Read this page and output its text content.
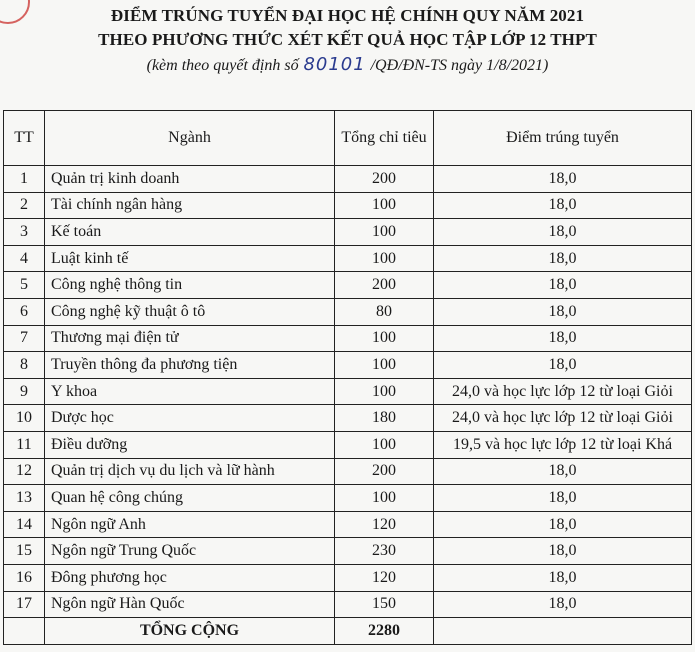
ĐIỂM TRÚNG TUYỂN ĐẠI HỌC HỆ CHÍNH QUY NĂM 2021
THEO PHƯƠNG THỨC XÉT KẾT QUẢ HỌC TẬP LỚP 12 THPT
(kèm theo quyết định số 80101 /QĐ/ĐN-TS ngày 1/8/2021)
TT	Ngành	Tổng chỉ tiêu	Điểm trúng tuyển
1	Quản trị kinh doanh	200	18,0
2	Tài chính ngân hàng	100	18,0
3	Kế toán	100	18,0
4	Luật kinh tế	100	18,0
5	Công nghệ thông tin	200	18,0
6	Công nghệ kỹ thuật ô tô	80	18,0
7	Thương mại điện tử	100	18,0
8	Truyền thông đa phương tiện	100	18,0
9	Y khoa	100	24,0 và học lực lớp 12 từ loại Giỏi
10	Dược học	180	24,0 và học lực lớp 12 từ loại Giỏi
11	Điều dưỡng	100	19,5 và học lực lớp 12 từ loại Khá
12	Quản trị dịch vụ du lịch và lữ hành	200	18,0
13	Quan hệ công chúng	100	18,0
14	Ngôn ngữ Anh	120	18,0
15	Ngôn ngữ Trung Quốc	230	18,0
16	Đông phương học	120	18,0
17	Ngôn ngữ Hàn Quốc	150	18,0
	TỔNG CỘNG	2280	
